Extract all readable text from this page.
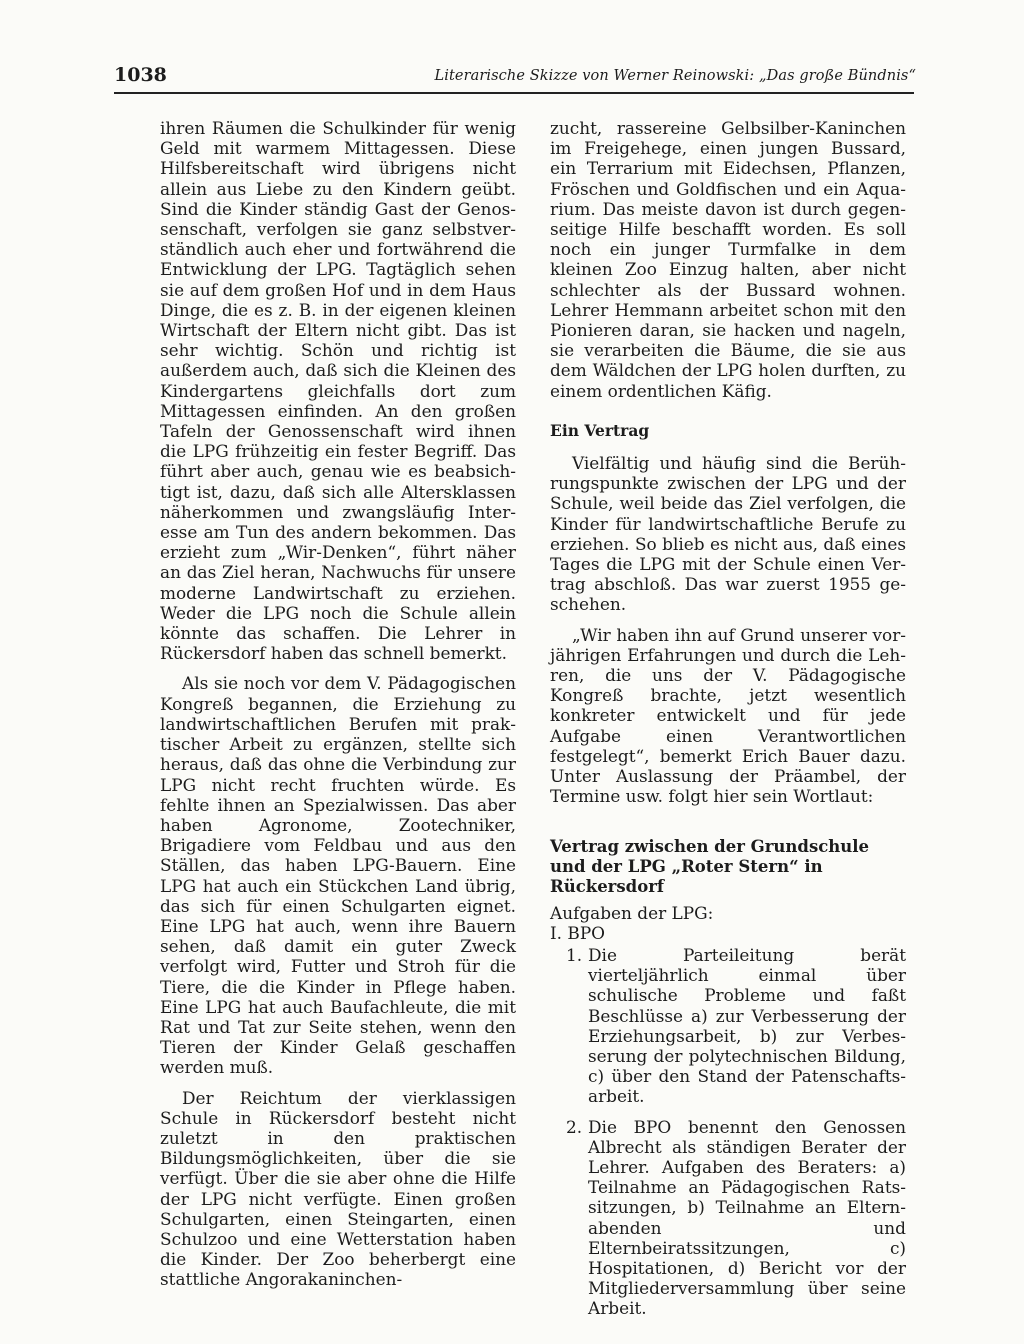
1038	Literarische Skizze von Werner Reinowski: „Das große Bündnis“

ihren Räumen die Schulkinder für wenig Geld mit warmem Mittagessen. Diese Hilfsbereitschaft wird übrigens nicht allein aus Liebe zu den Kindern geübt. Sind die Kinder ständig Gast der Genossenschaft, verfolgen sie ganz selbstverständlich auch eher und fortwährend die Entwicklung der LPG. Tagtäglich sehen sie auf dem großen Hof und in dem Haus Dinge, die es z. B. in der eigenen kleinen Wirtschaft der Eltern nicht gibt. Das ist sehr wichtig. Schön und richtig ist außerdem auch, daß sich die Kleinen des Kindergartens gleichfalls dort zum Mittagessen einfinden. An den großen Tafeln der Genossenschaft wird ihnen die LPG frühzeitig ein fester Begriff. Das führt aber auch, genau wie es beabsichtigt ist, dazu, daß sich alle Altersklassen näherkommen und zwangsläufig Interesse am Tun des andern bekommen. Das erzieht zum „Wir-Denken“, führt näher an das Ziel heran, Nachwuchs für unsere moderne Landwirtschaft zu erziehen. Weder die LPG noch die Schule allein könnte das schaffen. Die Lehrer in Rückersdorf haben das schnell bemerkt.

Als sie noch vor dem V. Pädagogischen Kongreß begannen, die Erziehung zu landwirtschaftlichen Berufen mit praktischer Arbeit zu ergänzen, stellte sich heraus, daß das ohne die Verbindung zur LPG nicht recht fruchten würde. Es fehlte ihnen an Spezialwissen. Das aber haben Agronome, Zootechniker, Brigadiere vom Feldbau und aus den Ställen, das haben LPG-Bauern. Eine LPG hat auch ein Stückchen Land übrig, das sich für einen Schulgarten eignet. Eine LPG hat auch, wenn ihre Bauern sehen, daß damit ein guter Zweck verfolgt wird, Futter und Stroh für die Tiere, die die Kinder in Pflege haben. Eine LPG hat auch Baufachleute, die mit Rat und Tat zur Seite stehen, wenn den Tieren der Kinder Gelaß geschaffen werden muß.

Der Reichtum der vierklassigen Schule in Rückersdorf besteht nicht zuletzt in den praktischen Bildungsmöglichkeiten, über die sie verfügt. Über die sie aber ohne die Hilfe der LPG nicht verfügte. Einen großen Schulgarten, einen Steingarten, einen Schulzoo und eine Wetterstation haben die Kinder. Der Zoo beherbergt eine stattliche Angorakaninchen-

zucht, rassereine Gelbsilber-Kaninchen im Freigehege, einen jungen Bussard, ein Terrarium mit Eidechsen, Pflanzen, Fröschen und Goldfischen und ein Aquarium. Das meiste davon ist durch gegenseitige Hilfe beschafft worden. Es soll noch ein junger Turmfalke in dem kleinen Zoo Einzug halten, aber nicht schlechter als der Bussard wohnen. Lehrer Hemmann arbeitet schon mit den Pionieren daran, sie hacken und nageln, sie verarbeiten die Bäume, die sie aus dem Wäldchen der LPG holen durften, zu einem ordentlichen Käfig.

Ein Vertrag

Vielfältig und häufig sind die Berührungspunkte zwischen der LPG und der Schule, weil beide das Ziel verfolgen, die Kinder für landwirtschaftliche Berufe zu erziehen. So blieb es nicht aus, daß eines Tages die LPG mit der Schule einen Vertrag abschloß. Das war zuerst 1955 geschehen.

„Wir haben ihn auf Grund unserer vorjährigen Erfahrungen und durch die Lehren, die uns der V. Pädagogische Kongreß brachte, jetzt wesentlich konkreter entwickelt und für jede Aufgabe einen Verantwortlichen festgelegt“, bemerkt Erich Bauer dazu. Unter Auslassung der Präambel, der Termine usw. folgt hier sein Wortlaut:

Vertrag zwischen der Grundschule und der LPG „Roter Stern“ in Rückersdorf
Aufgaben der LPG:
I. BPO
1. Die Parteileitung berät vierteljährlich einmal über schulische Probleme und faßt Beschlüsse a) zur Verbesserung der Erziehungsarbeit, b) zur Verbesserung der polytechnischen Bildung, c) über den Stand der Patenschaftsarbeit.
2. Die BPO benennt den Genossen Albrecht als ständigen Berater der Lehrer. Aufgaben des Beraters: a) Teilnahme an Pädagogischen Ratssitzungen, b) Teilnahme an Elternabenden und Elternbeiratssitzungen, c) Hospitationen, d) Bericht vor der Mitgliederversammlung über seine Arbeit.
